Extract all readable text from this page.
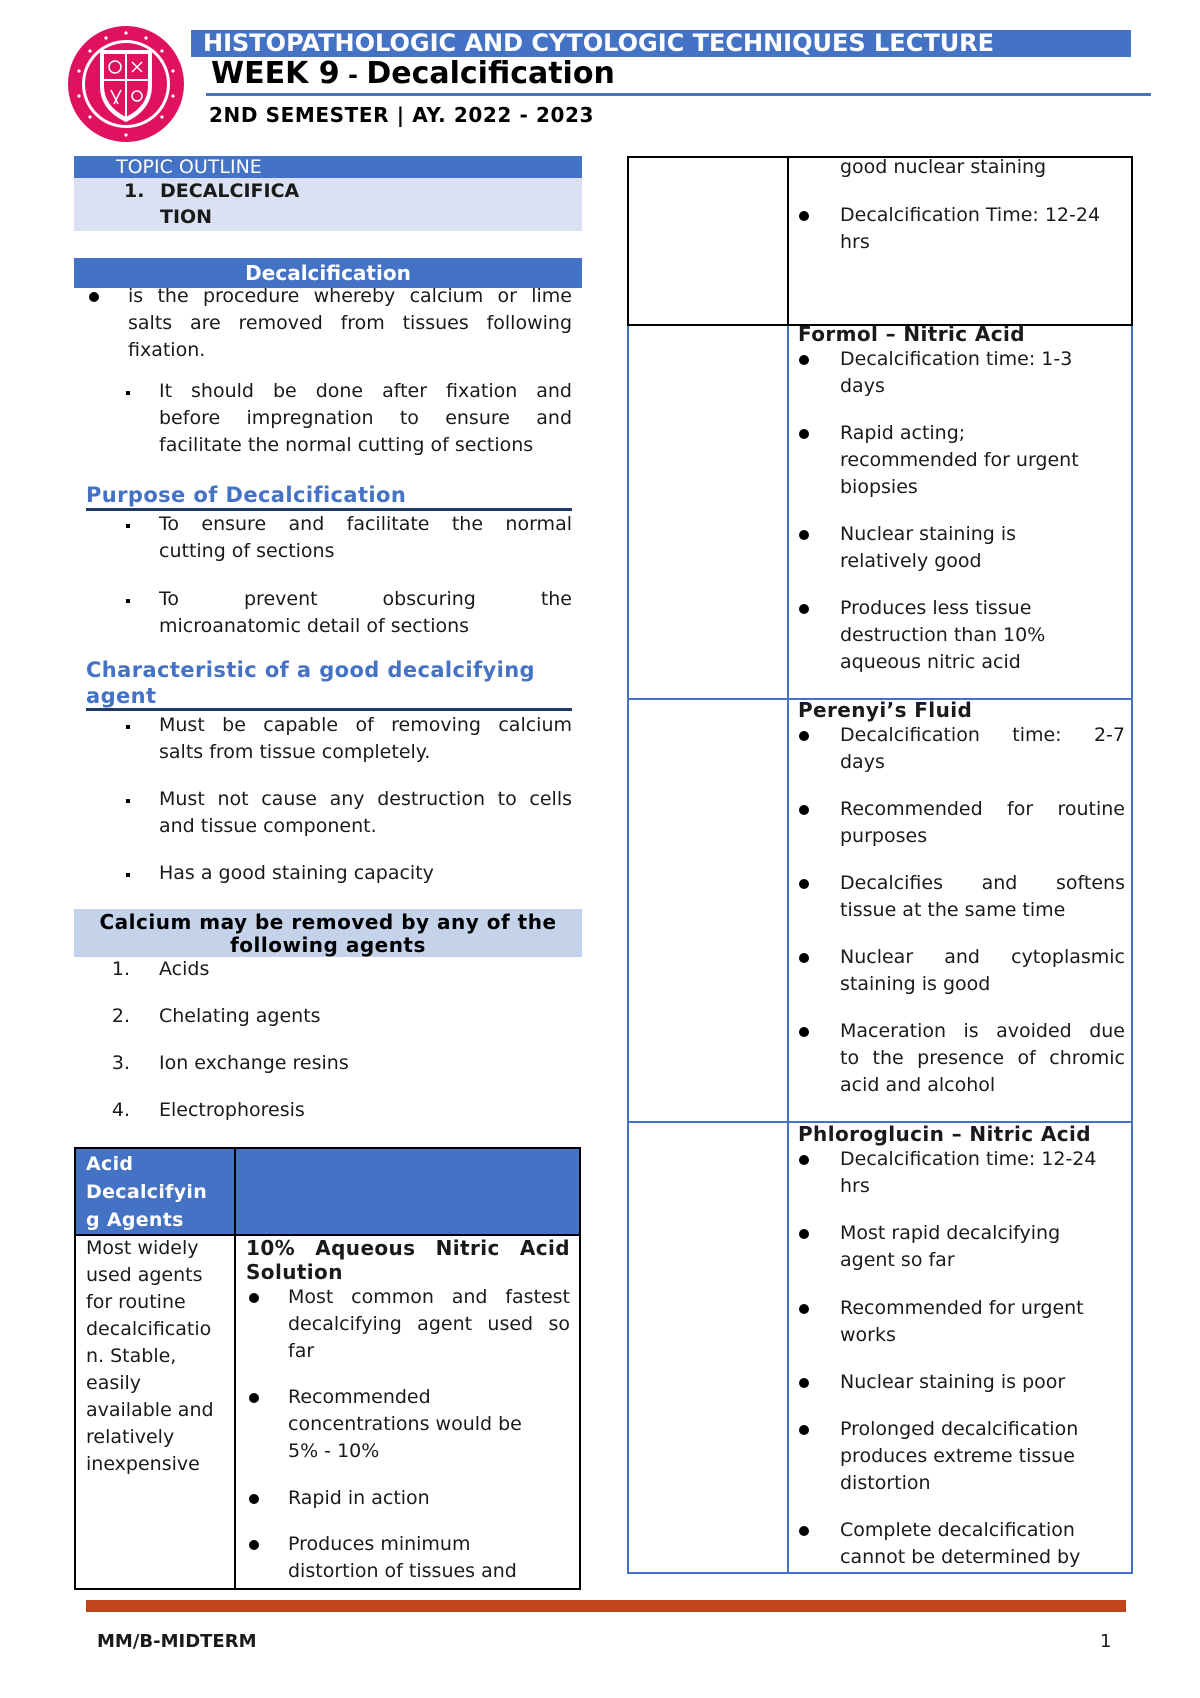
HISTOPATHOLOGIC AND CYTOLOGIC TECHNIQUES LECTURE
WEEK 9 - Decalcification
2ND SEMESTER | AY. 2022 - 2023
TOPIC OUTLINE
1. DECALCIFICA
TION
Decalcification
is the procedure whereby calcium or lime
salts are removed from tissues following
fixation.
It should be done after fixation and
before impregnation to ensure and
facilitate the normal cutting of sections
Purpose of Decalcification
To ensure and facilitate the normal
cutting of sections
To prevent obscuring the
microanatomic detail of sections
Characteristic of a good decalcifying
agent
Must be capable of removing calcium
salts from tissue completely.
Must not cause any destruction to cells
and tissue component.
Has a good staining capacity
Calcium may be removed by any of the
following agents
1. Acids
2. Chelating agents
3. Ion exchange resins
4. Electrophoresis
Acid
Decalcifyin
g Agents
Most widely
used agents
for routine
decalcificatio
n. Stable,
easily
available and
relatively
inexpensive
10% Aqueous Nitric Acid
Solution
Most common and fastest
decalcifying agent used so
far
Recommended
concentrations would be
5% - 10%
Rapid in action
Produces minimum
distortion of tissues and
good nuclear staining
Decalcification Time: 12-24
hrs
Formol – Nitric Acid
Decalcification time: 1-3
days
Rapid acting;
recommended for urgent
biopsies
Nuclear staining is
relatively good
Produces less tissue
destruction than 10%
aqueous nitric acid
Perenyi’s Fluid
Decalcification time: 2-7
days
Recommended for routine
purposes
Decalcifies and softens
tissue at the same time
Nuclear and cytoplasmic
staining is good
Maceration is avoided due
to the presence of chromic
acid and alcohol
Phloroglucin – Nitric Acid
Decalcification time: 12-24
hrs
Most rapid decalcifying
agent so far
Recommended for urgent
works
Nuclear staining is poor
Prolonged decalcification
produces extreme tissue
distortion
Complete decalcification
cannot be determined by
MM/B-MIDTERM	1
